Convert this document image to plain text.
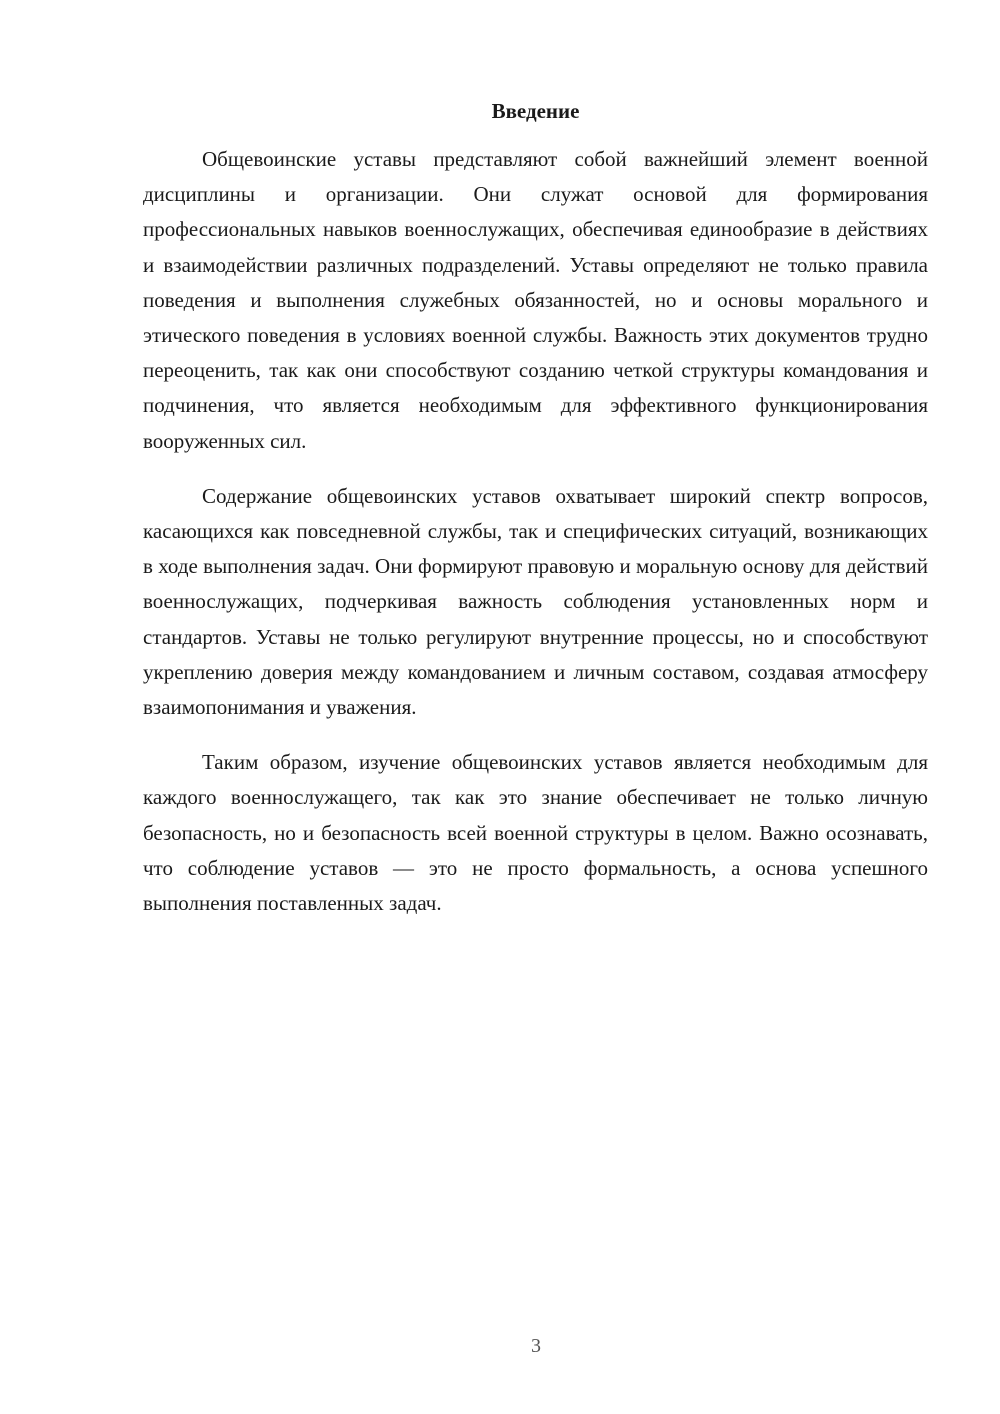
Введение

Общевоинские уставы представляют собой важнейший элемент военной дисциплины и организации. Они служат основой для формирования профессиональных навыков военнослужащих, обеспечивая единообразие в действиях и взаимодействии различных подразделений. Уставы определяют не только правила поведения и выполнения служебных обязанностей, но и основы морального и этического поведения в условиях военной службы. Важность этих документов трудно переоценить, так как они способствуют созданию четкой структуры командования и подчинения, что является необходимым для эффективного функционирования вооруженных сил.

Содержание общевоинских уставов охватывает широкий спектр вопросов, касающихся как повседневной службы, так и специфических ситуаций, возникающих в ходе выполнения задач. Они формируют правовую и моральную основу для действий военнослужащих, подчеркивая важность соблюдения установленных норм и стандартов. Уставы не только регулируют внутренние процессы, но и способствуют укреплению доверия между командованием и личным составом, создавая атмосферу взаимопонимания и уважения.

Таким образом, изучение общевоинских уставов является необходимым для каждого военнослужащего, так как это знание обеспечивает не только личную безопасность, но и безопасность всей военной структуры в целом. Важно осознавать, что соблюдение уставов — это не просто формальность, а основа успешного выполнения поставленных задач.

3
